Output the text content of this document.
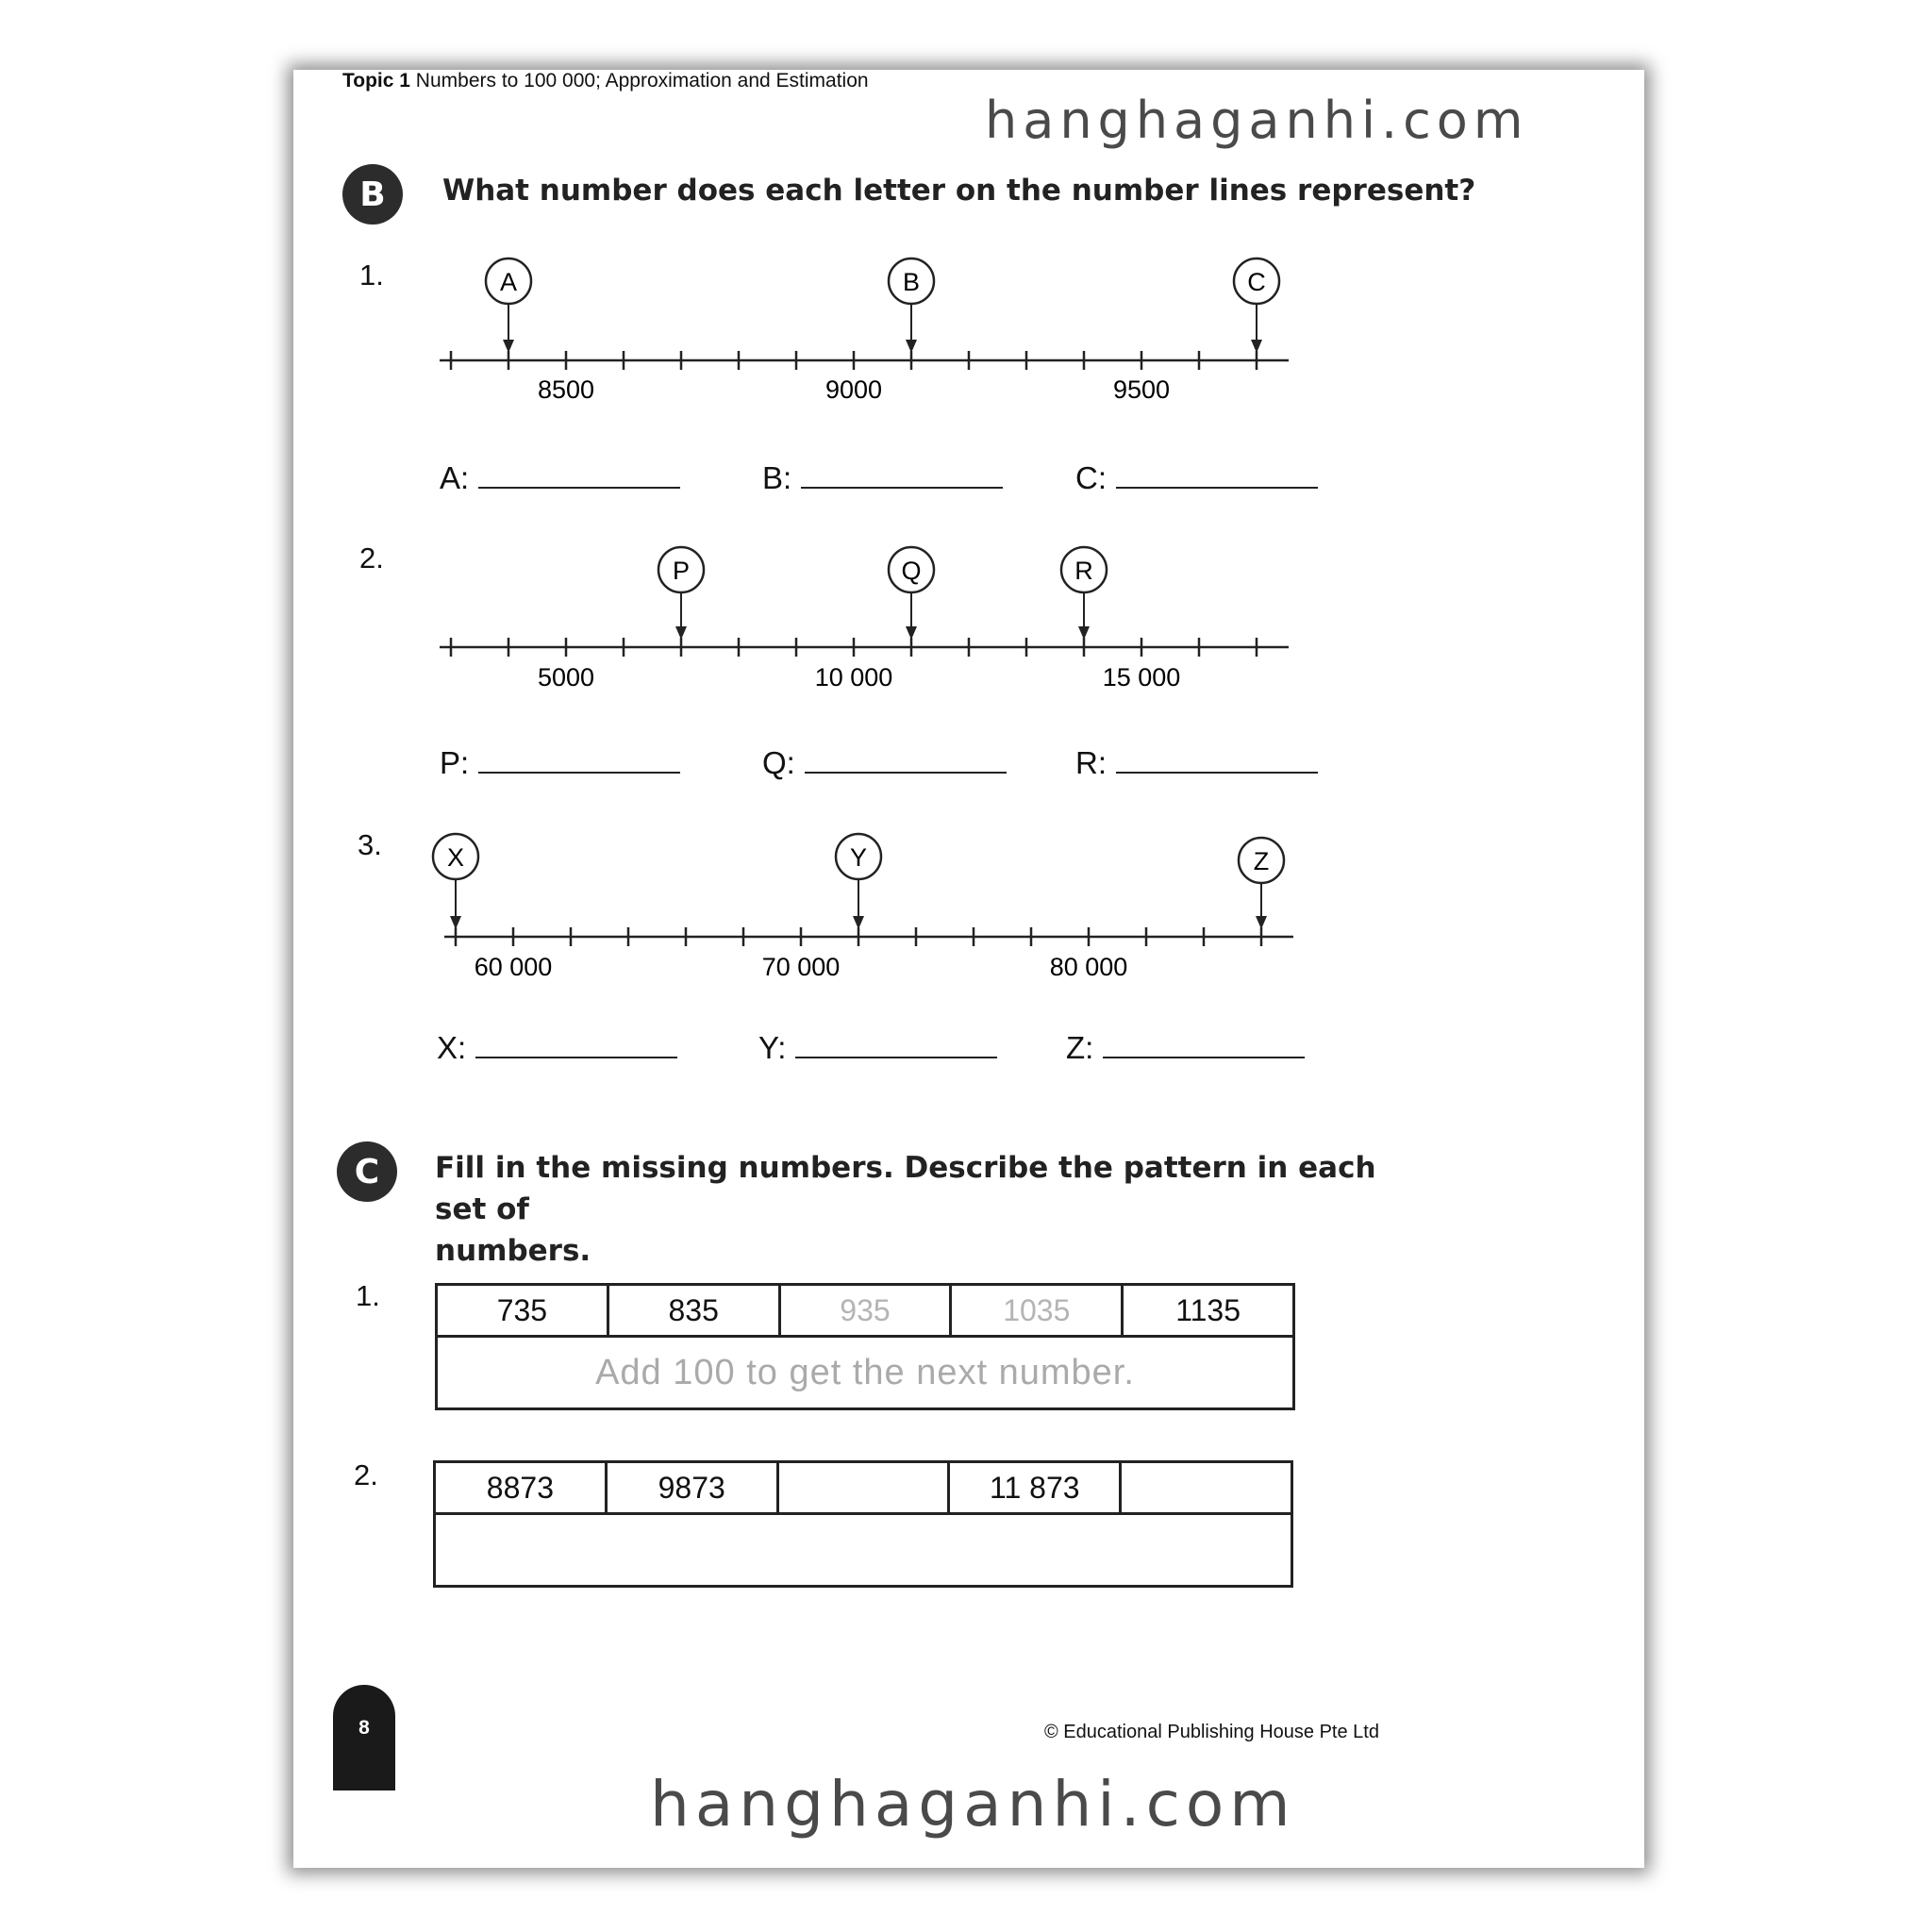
Topic 1 Numbers to 100 000; Approximation and Estimation
hanghaganhi.com
B	What number does each letter on the number lines represent?
1.
8500	9000	9500
A	B	C
A:	B:	C:
2.
5000	10 000	15 000
P	Q	R
P:	Q:	R:
3.
60 000	70 000	80 000
X	Y	Z
X:	Y:	Z:
C	Fill in the missing numbers. Describe the pattern in each set of
numbers.
1.	735	835	935	1035	1135
Add 100 to get the next number.
2.	8873	9873		11 873	

8	© Educational Publishing House Pte Ltd
hanghaganhi.com
